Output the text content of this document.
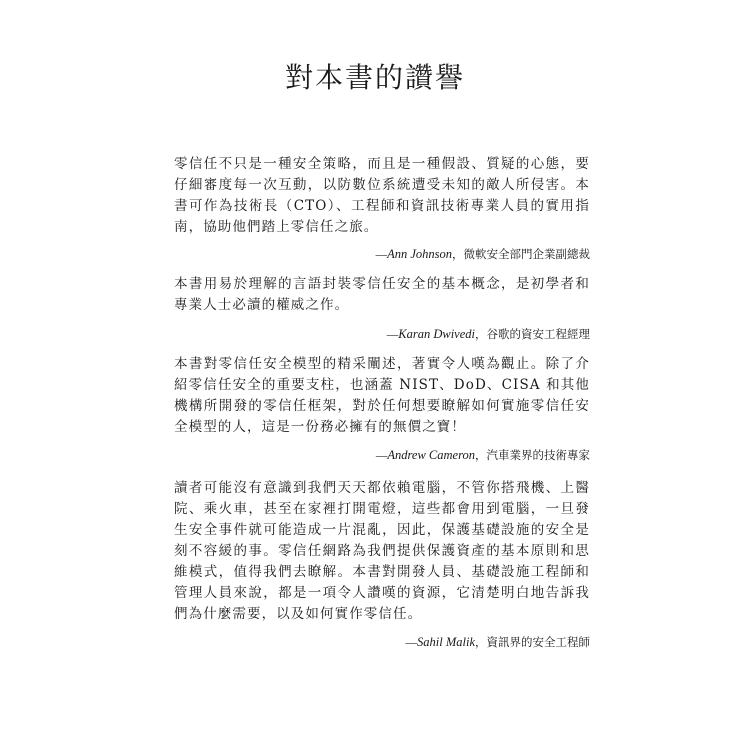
對本書的讚譽

零信任不只是一種安全策略，而且是一種假設、質疑的心態，要仔細審度每一次互動，以防數位系統遭受未知的敵人所侵害。本書可作為技術長（CTO）、工程師和資訊技術專業人員的實用指南，協助他們踏上零信任之旅。

—Ann Johnson，微軟安全部門企業副總裁

本書用易於理解的言語封裝零信任安全的基本概念，是初學者和專業人士必讀的權威之作。

—Karan Dwivedi，谷歌的資安工程經理

本書對零信任安全模型的精采闡述，著實令人嘆為觀止。除了介紹零信任安全的重要支柱，也涵蓋 NIST、DoD、CISA 和其他機構所開發的零信任框架，對於任何想要瞭解如何實施零信任安全模型的人，這是一份務必擁有的無價之寶！

—Andrew Cameron，汽車業界的技術專家

讀者可能沒有意識到我們天天都依賴電腦，不管你搭飛機、上醫院、乘火車，甚至在家裡打開電燈，這些都會用到電腦，一旦發生安全事件就可能造成一片混亂，因此，保護基礎設施的安全是刻不容緩的事。零信任網路為我們提供保護資產的基本原則和思維模式，值得我們去瞭解。本書對開發人員、基礎設施工程師和管理人員來說，都是一項令人讚嘆的資源，它清楚明白地告訴我們為什麼需要，以及如何實作零信任。

—Sahil Malik，資訊界的安全工程師
